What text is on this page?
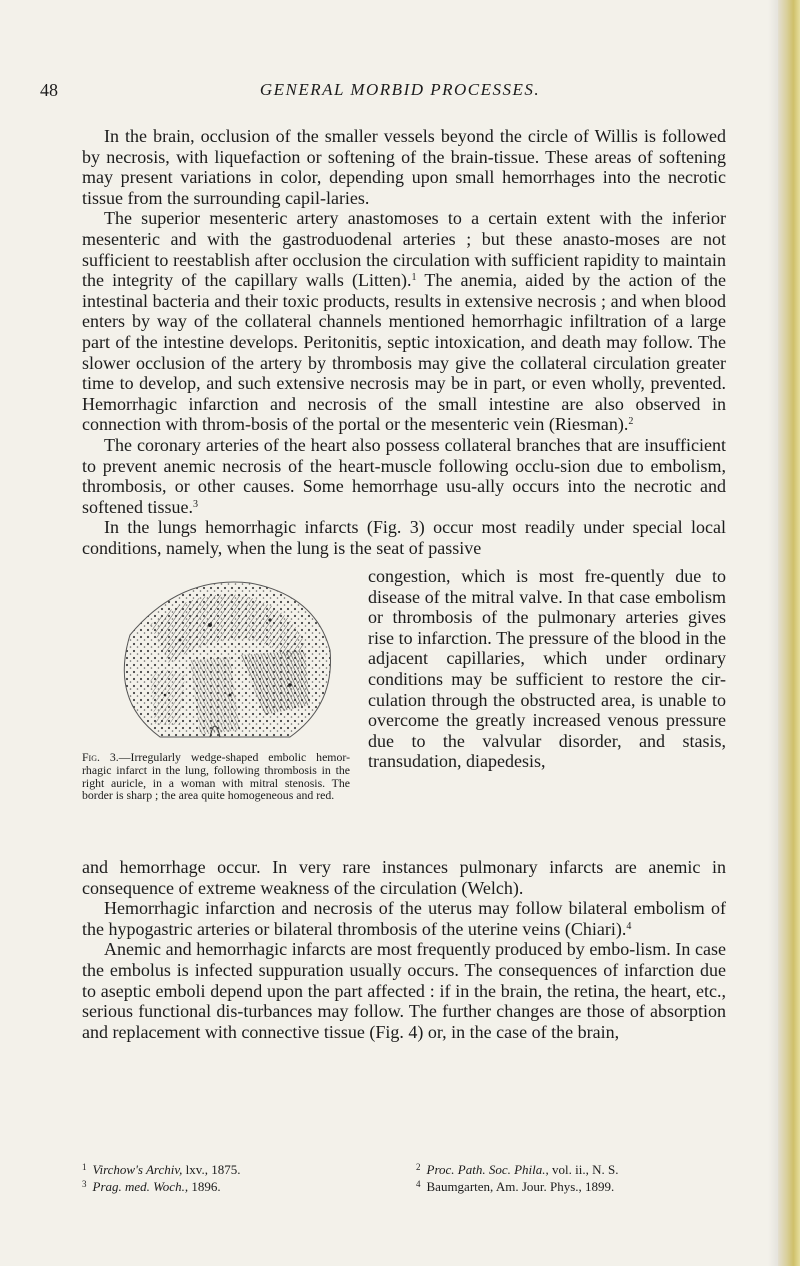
48	GENERAL MORBID PROCESSES.

In the brain, occlusion of the smaller vessels beyond the circle of Willis is followed by necrosis, with liquefaction or softening of the brain-tissue. These areas of softening may present variations in color, depending upon small hemorrhages into the necrotic tissue from the surrounding capil-laries.

The superior mesenteric artery anastomoses to a certain extent with the inferior mesenteric and with the gastroduodenal arteries ; but these anasto-moses are not sufficient to reestablish after occlusion the circulation with sufficient rapidity to maintain the integrity of the capillary walls (Litten).$^1$ The anemia, aided by the action of the intestinal bacteria and their toxic products, results in extensive necrosis ; and when blood enters by way of the collateral channels mentioned hemorrhagic infiltration of a large part of the intestine develops. Peritonitis, septic intoxication, and death may follow. The slower occlusion of the artery by thrombosis may give the collateral circulation greater time to develop, and such extensive necrosis may be in part, or even wholly, prevented. Hemorrhagic infarction and necrosis of the small intestine are also observed in connection with throm-bosis of the portal or the mesenteric vein (Riesman).$^2$

The coronary arteries of the heart also possess collateral branches that are insufficient to prevent anemic necrosis of the heart-muscle following occlu-sion due to embolism, thrombosis, or other causes. Some hemorrhage usu-ally occurs into the necrotic and softened tissue.$^3$

In the lungs hemorrhagic infarcts (Fig. 3) occur most readily under special local conditions, namely, when the lung is the seat of passive

Fig. 3.—Irregularly wedge-shaped embolic hemor-rhagic infarct in the lung, following thrombosis in the right auricle, in a woman with mitral stenosis. The border is sharp ; the area quite homogeneous and red.
congestion, which is most fre-quently due to disease of the mitral valve. In that case embolism or thrombosis of the pulmonary arteries gives rise to infarction. The pressure of the blood in the adjacent capillaries, which under ordinary conditions may be sufficient to restore the cir-culation through the obstructed area, is unable to overcome the greatly increased venous pressure due to the valvular disorder, and stasis, transudation, diapedesis,

and hemorrhage occur. In very rare instances pulmonary infarcts are anemic in consequence of extreme weakness of the circulation (Welch).

Hemorrhagic infarction and necrosis of the uterus may follow bilateral embolism of the hypogastric arteries or bilateral thrombosis of the uterine veins (Chiari).$^4$

Anemic and hemorrhagic infarcts are most frequently produced by embo-lism. In case the embolus is infected suppuration usually occurs. The consequences of infarction due to aseptic emboli depend upon the part affected : if in the brain, the retina, the heart, etc., serious functional dis-turbances may follow. The further changes are those of absorption and replacement with connective tissue (Fig. 4) or, in the case of the brain,

$^1$ Virchow's Archiv, lxv., 1875.
$^3$ Prag. med. Woch., 1896.
$^2$ Proc. Path. Soc. Phila., vol. ii., N. S.
$^4$ Baumgarten, Am. Jour. Phys., 1899.
